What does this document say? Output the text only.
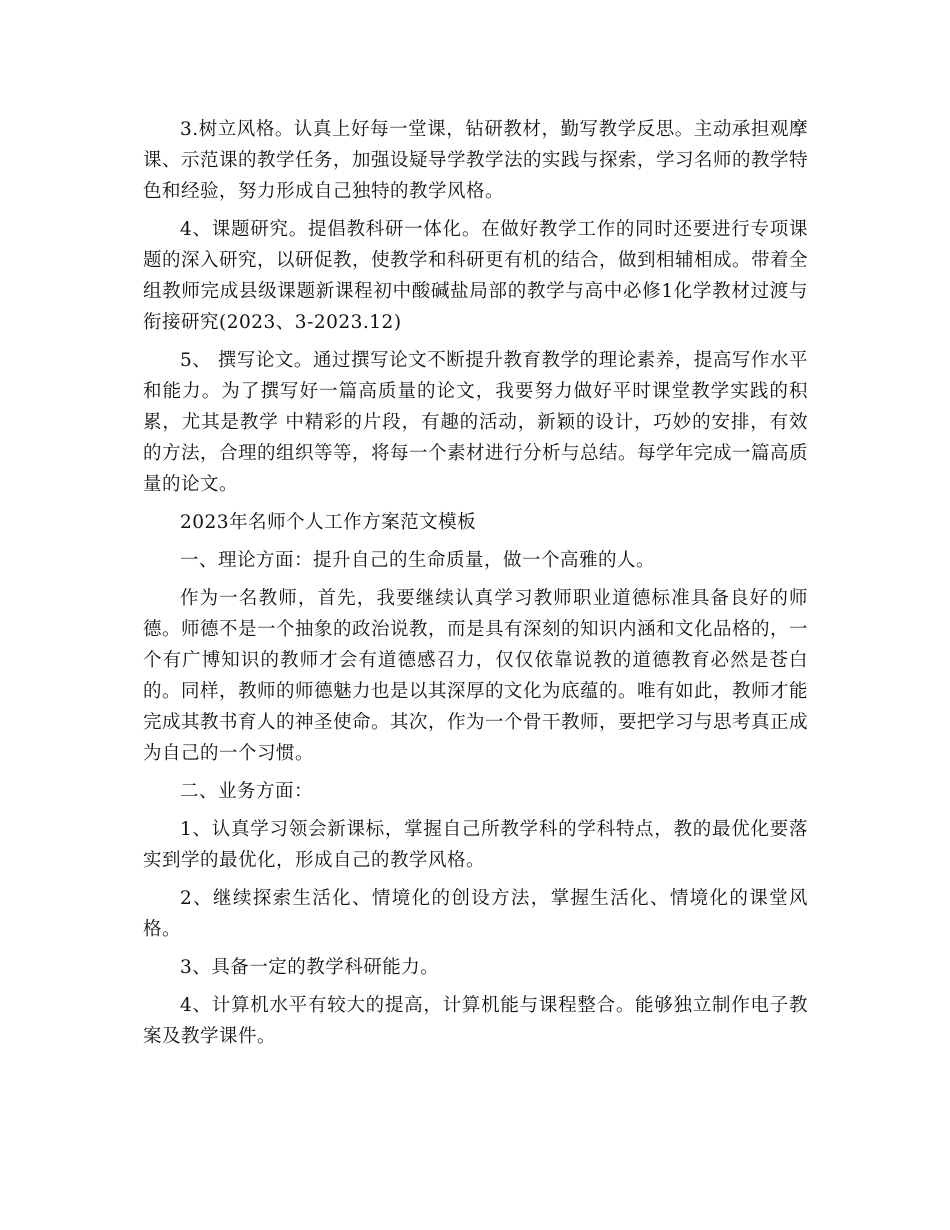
3.树立风格。认真上好每一堂课，钻研教材，勤写教学反思。主动承担观摩课、示范课的教学任务，加强设疑导学教学法的实践与探索，学习名师的教学特色和经验，努力形成自己独特的教学风格。

4、课题研究。提倡教科研一体化。在做好教学工作的同时还要进行专项课题的深入研究，以研促教，使教学和科研更有机的结合，做到相辅相成。带着全组教师完成县级课题新课程初中酸碱盐局部的教学与高中必修1化学教材过渡与衔接研究(2023、3-2023.12)

5、 撰写论文。通过撰写论文不断提升教育教学的理论素养，提高写作水平和能力。为了撰写好一篇高质量的论文，我要努力做好平时课堂教学实践的积累，尤其是教学 中精彩的片段，有趣的活动，新颖的设计，巧妙的安排，有效的方法，合理的组织等等，将每一个素材进行分析与总结。每学年完成一篇高质量的论文。

2023年名师个人工作方案范文模板

一、理论方面：提升自己的生命质量，做一个高雅的人。

作为一名教师，首先，我要继续认真学习教师职业道德标准具备良好的师德。师德不是一个抽象的政治说教，而是具有深刻的知识内涵和文化品格的，一个有广博知识的教师才会有道德感召力，仅仅依靠说教的道德教育必然是苍白的。同样，教师的师德魅力也是以其深厚的文化为底蕴的。唯有如此，教师才能完成其教书育人的神圣使命。其次，作为一个骨干教师，要把学习与思考真正成为自己的一个习惯。

二、业务方面：

1、认真学习领会新课标，掌握自己所教学科的学科特点，教的最优化要落实到学的最优化，形成自己的教学风格。

2、继续探索生活化、情境化的创设方法，掌握生活化、情境化的课堂风格。

3、具备一定的教学科研能力。

4、计算机水平有较大的提高，计算机能与课程整合。能够独立制作电子教案及教学课件。
